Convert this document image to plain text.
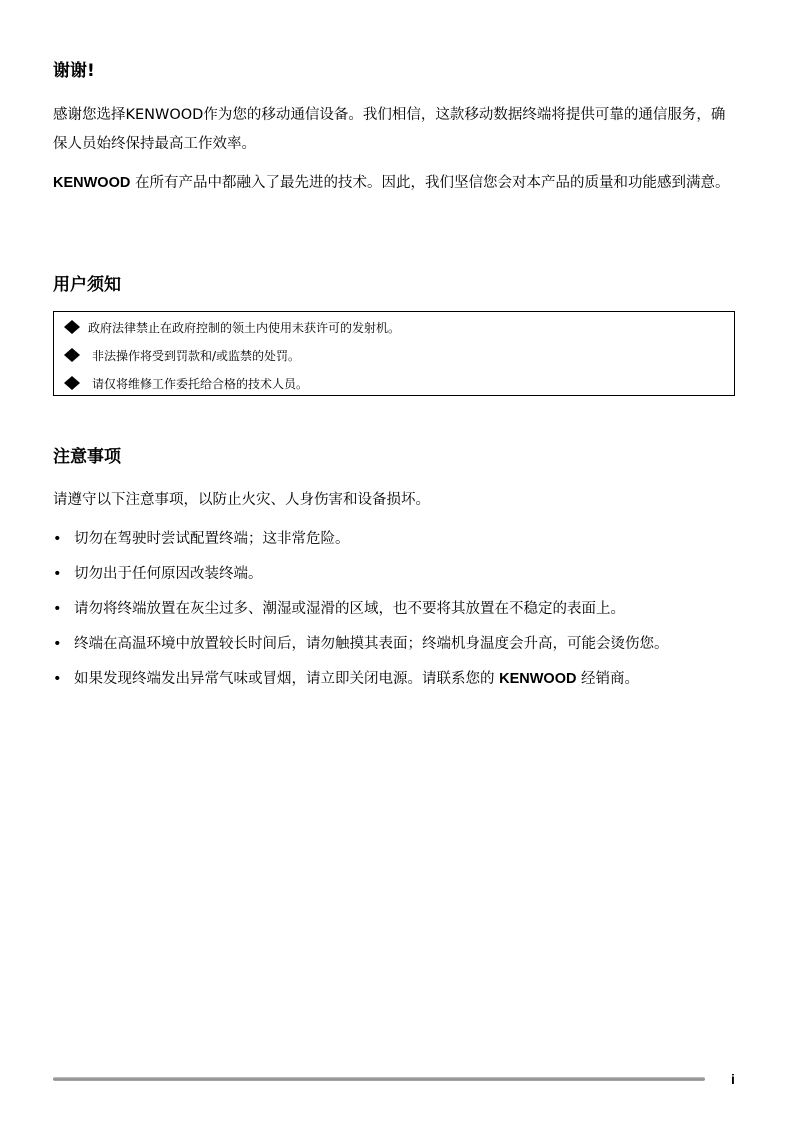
谢谢!

感谢您选择KENWOOD作为您的移动通信设备。我们相信，这款移动数据终端将提供可靠的通信服务，确保人员始终保持最高工作效率。

KENWOOD 在所有产品中都融入了最先进的技术。因此，我们坚信您会对本产品的质量和功能感到满意。

用户须知
政府法律禁止在政府控制的领土内使用未获许可的发射机。
非法操作将受到罚款和/或监禁的处罚。
请仅将维修工作委托给合格的技术人员。
注意事项

请遵守以下注意事项，以防止火灾、人身伤害和设备损坏。

• 切勿在驾驶时尝试配置终端；这非常危险。
• 切勿出于任何原因改装终端。
• 请勿将终端放置在灰尘过多、潮湿或湿滑的区域，也不要将其放置在不稳定的表面上。
• 终端在高温环境中放置较长时间后，请勿触摸其表面；终端机身温度会升高，可能会烫伤您。
• 如果发现终端发出异常气味或冒烟，请立即关闭电源。请联系您的 KENWOOD 经销商。
i
